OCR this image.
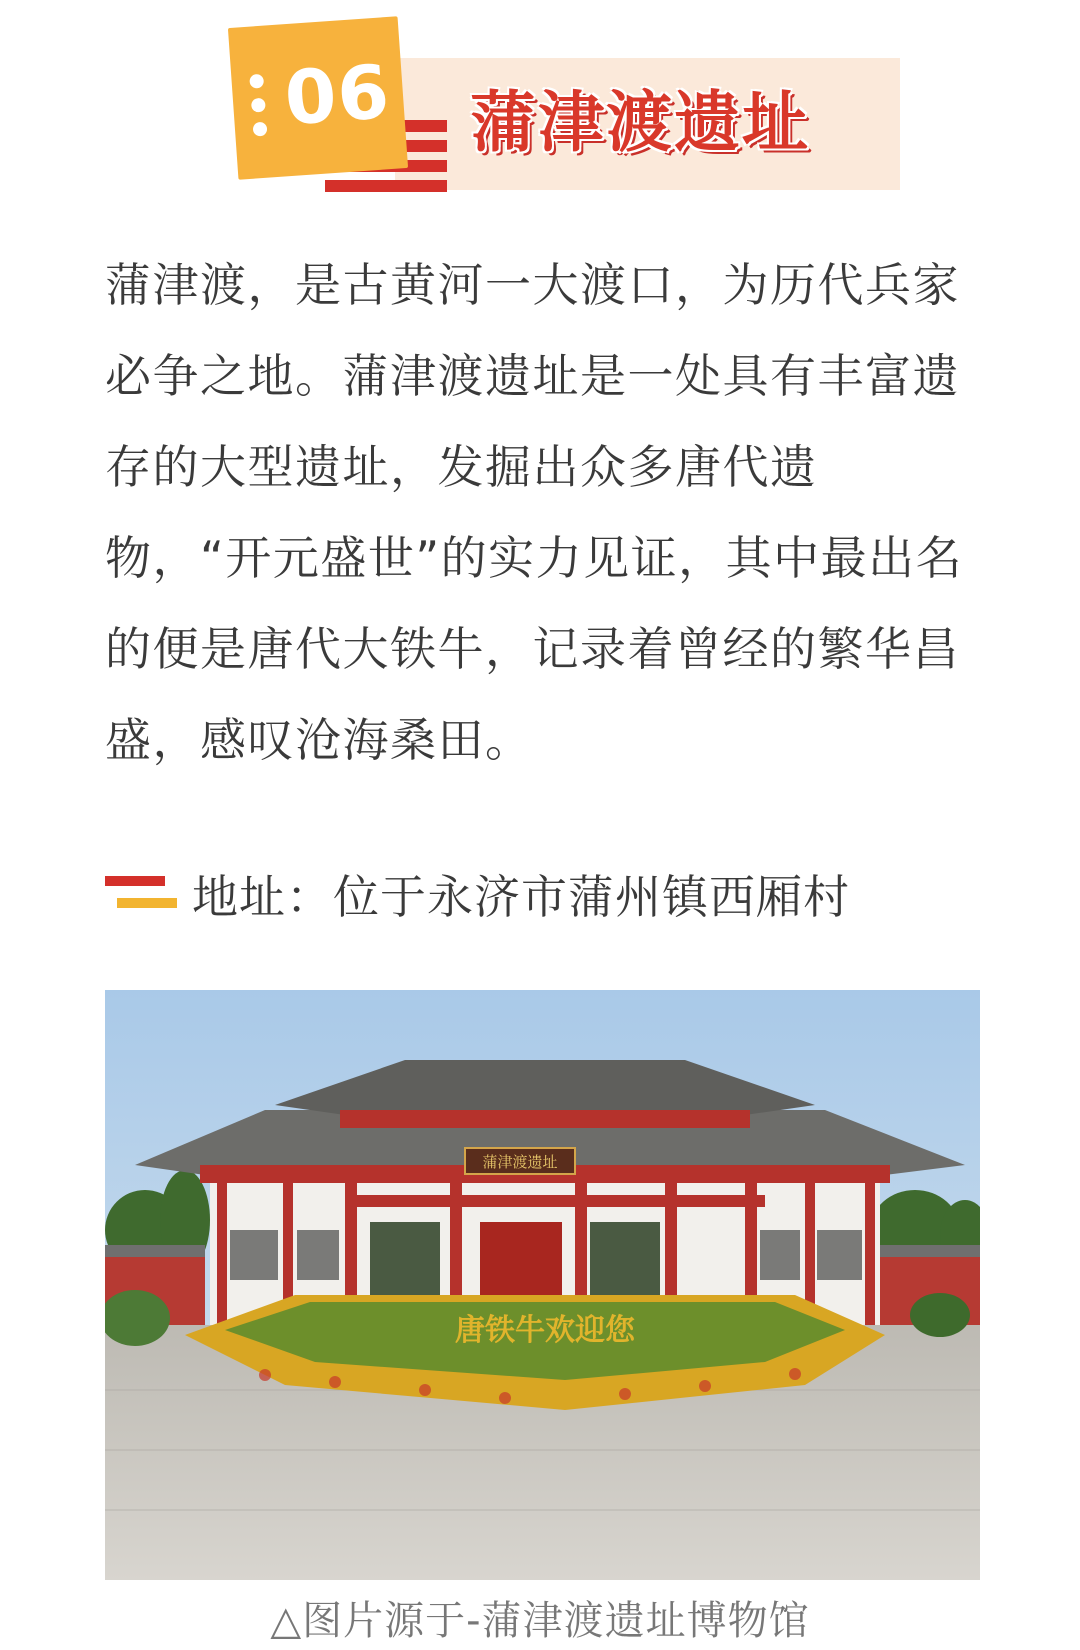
06 蒲津渡遗址

蒲津渡，是古黄河一大渡口，为历代兵家必争之地。蒲津渡遗址是一处具有丰富遗存的大型遗址，发掘出众多唐代遗物，“开元盛世”的实力见证，其中最出名的便是唐代大铁牛，记录着曾经的繁华昌盛，感叹沧海桑田。

地址：位于永济市蒲州镇西厢村
蒲津渡遗址
唐铁牛欢迎您
△图片源于-蒲津渡遗址博物馆
